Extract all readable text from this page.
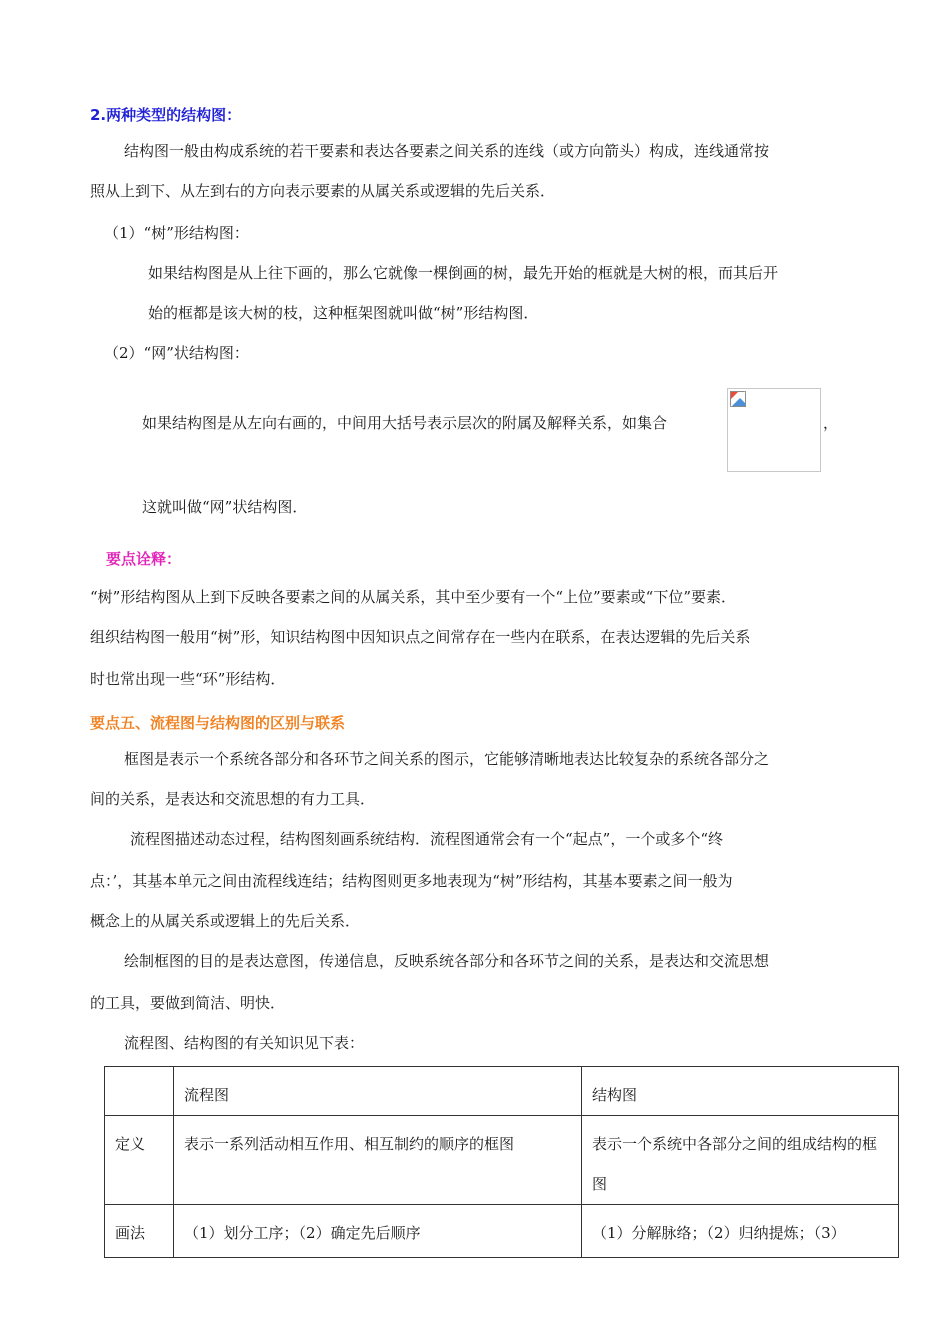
2.两种类型的结构图：
结构图一般由构成系统的若干要素和表达各要素之间关系的连线（或方向箭头）构成，连线通常按
照从上到下、从左到右的方向表示要素的从属关系或逻辑的先后关系．
（1）“树”形结构图：
如果结构图是从上往下画的，那么它就像一棵倒画的树，最先开始的框就是大树的根，而其后开
始的框都是该大树的枝，这种框架图就叫做“树”形结构图．
（2）“网”状结构图：
如果结构图是从左向右画的，中间用大括号表示层次的附属及解释关系，如集合	，
这就叫做“网”状结构图．
要点诠释：
“树”形结构图从上到下反映各要素之间的从属关系，其中至少要有一个“上位”要素或“下位”要素．
组织结构图一般用“树”形，知识结构图中因知识点之间常存在一些内在联系，在表达逻辑的先后关系
时也常出现一些“环”形结构．
要点五、流程图与结构图的区别与联系
框图是表示一个系统各部分和各环节之间关系的图示，它能够清晰地表达比较复杂的系统各部分之
间的关系，是表达和交流思想的有力工具．
流程图描述动态过程，结构图刻画系统结构．流程图通常会有一个“起点”，一个或多个“终
点：’，其基本单元之间由流程线连结；结构图则更多地表现为“树”形结构，其基本要素之间一般为
概念上的从属关系或逻辑上的先后关系．
绘制框图的目的是表达意图，传递信息，反映系统各部分和各环节之间的关系，是表达和交流思想
的工具，要做到简洁、明快．
流程图、结构图的有关知识见下表：
	流程图	结构图
定义	表示一系列活动相互作用、相互制约的顺序的框图	表示一个系统中各部分之间的组成结构的框图
画法	（1）划分工序；（2）确定先后顺序	（1）分解脉络；（2）归纳提炼；（3）
